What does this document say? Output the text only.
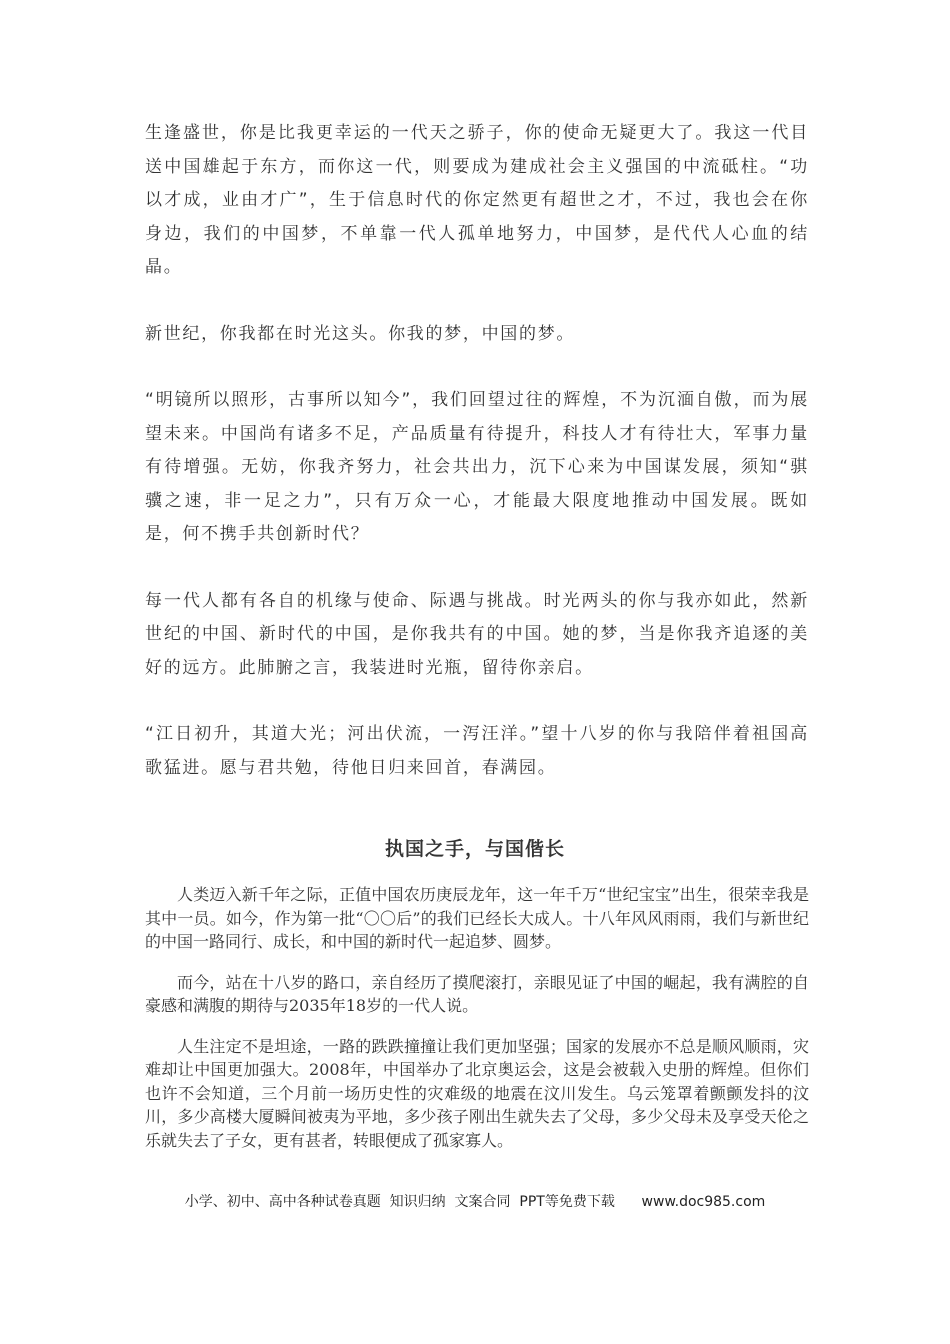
生逢盛世，你是比我更幸运的一代天之骄子，你的使命无疑更大了。我这一代目送中国雄起于东方，而你这一代，则要成为建成社会主义强国的中流砥柱。“功以才成，业由才广”，生于信息时代的你定然更有超世之才，不过，我也会在你身边，我们的中国梦，不单靠一代人孤单地努力，中国梦，是代代人心血的结晶。

新世纪，你我都在时光这头。你我的梦，中国的梦。

“明镜所以照形，古事所以知今”，我们回望过往的辉煌，不为沉湎自傲，而为展望未来。中国尚有诸多不足，产品质量有待提升，科技人才有待壮大，军事力量有待增强。无妨，你我齐努力，社会共出力，沉下心来为中国谋发展，须知“骐骥之速，非一足之力”，只有万众一心，才能最大限度地推动中国发展。既如是，何不携手共创新时代？

每一代人都有各自的机缘与使命、际遇与挑战。时光两头的你与我亦如此，然新世纪的中国、新时代的中国，是你我共有的中国。她的梦，当是你我齐追逐的美好的远方。此肺腑之言，我装进时光瓶，留待你亲启。

“江日初升，其道大光；河出伏流，一泻汪洋。”望十八岁的你与我陪伴着祖国高歌猛进。愿与君共勉，待他日归来回首，春满园。

执国之手，与国偕长

人类迈入新千年之际，正值中国农历庚辰龙年，这一年千万“世纪宝宝”出生，很荣幸我是其中一员。如今，作为第一批“〇〇后”的我们已经长大成人。十八年风风雨雨，我们与新世纪的中国一路同行、成长，和中国的新时代一起追梦、圆梦。

而今，站在十八岁的路口，亲自经历了摸爬滚打，亲眼见证了中国的崛起，我有满腔的自豪感和满腹的期待与2035年18岁的一代人说。

人生注定不是坦途，一路的跌跌撞撞让我们更加坚强；国家的发展亦不总是顺风顺雨，灾难却让中国更加强大。2008年，中国举办了北京奥运会，这是会被载入史册的辉煌。但你们也许不会知道，三个月前一场历史性的灾难级的地震在汶川发生。乌云笼罩着颤颤发抖的汶川，多少高楼大厦瞬间被夷为平地，多少孩子刚出生就失去了父母，多少父母未及享受天伦之乐就失去了子女，更有甚者，转眼便成了孤家寡人。

小学、初中、高中各种试卷真题  知识归纳  文案合同  PPT等免费下载 www.doc985.com
